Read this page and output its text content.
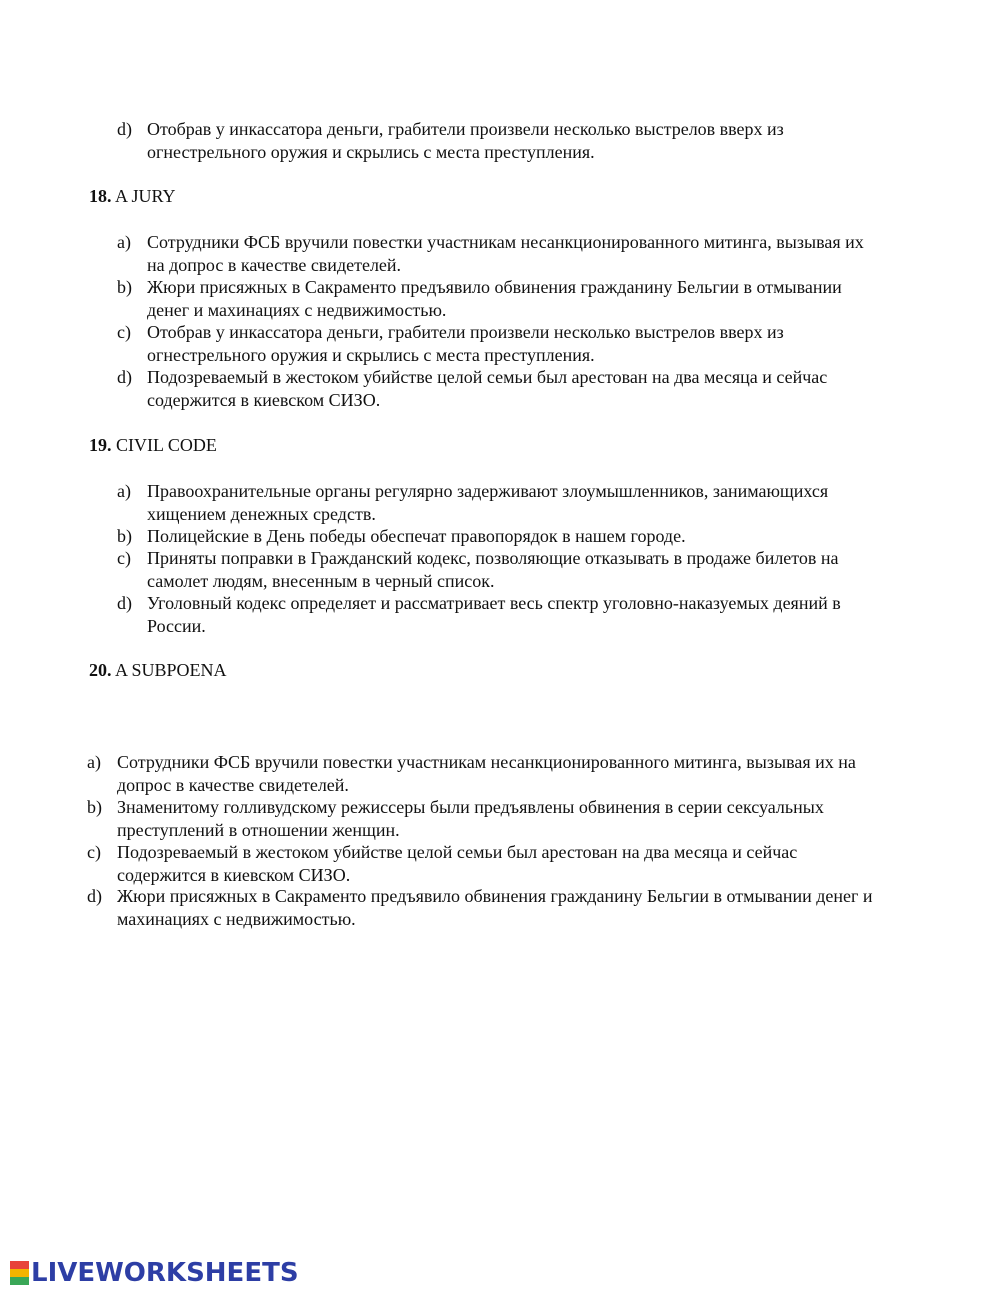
d) Отобрав у инкассатора деньги, грабители произвели несколько выстрелов вверх из огнестрельного оружия и скрылись с места преступления.
18. A JURY
a) Сотрудники ФСБ вручили повестки участникам несанкционированного митинга, вызывая их на допрос в качестве свидетелей.
b) Жюри присяжных в Сакраменто предъявило обвинения гражданину Бельгии в отмывании денег и махинациях с недвижимостью.
c) Отобрав у инкассатора деньги, грабители произвели несколько выстрелов вверх из огнестрельного оружия и скрылись с места преступления.
d) Подозреваемый в жестоком убийстве целой семьи был арестован на два месяца и сейчас содержится в киевском СИЗО.
19. CIVIL CODE
a) Правоохранительные органы регулярно задерживают злоумышленников, занимающихся хищением денежных средств.
b) Полицейские в День победы обеспечат правопорядок в нашем городе.
c) Приняты поправки в Гражданский кодекс, позволяющие отказывать в продаже билетов на самолет людям, внесенным в черный список.
d) Уголовный кодекс определяет и рассматривает весь спектр уголовно-наказуемых деяний в России.
20. A SUBPOENA
a) Сотрудники ФСБ вручили повестки участникам несанкционированного митинга, вызывая их на допрос в качестве свидетелей.
b) Знаменитому голливудскому режиссеры были предъявлены обвинения в серии сексуальных преступлений в отношении женщин.
c) Подозреваемый в жестоком убийстве целой семьи был арестован на два месяца и сейчас содержится в киевском СИЗО.
d) Жюри присяжных в Сакраменто предъявило обвинения гражданину Бельгии в отмывании денег и махинациях с недвижимостью.
LIVEWORKSHEETS
